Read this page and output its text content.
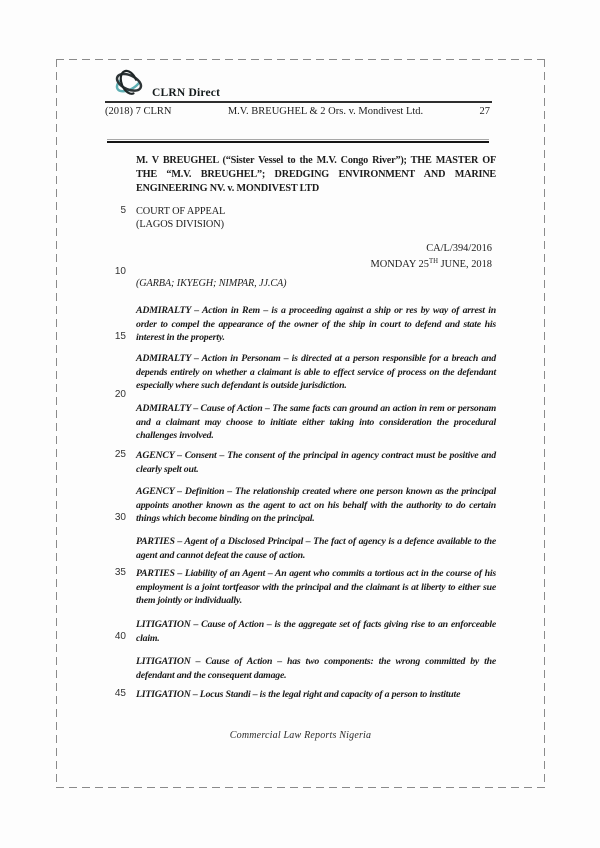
CLRN Direct
(2018) 7 CLRN	M.V. BREUGHEL & 2 Ors. v. Mondivest Ltd.	27
M. V BREUGHEL (“Sister Vessel to the M.V. Congo River”); THE MASTER OF THE “M.V. BREUGHEL”; DREDGING ENVIRONMENT AND MARINE ENGINEERING NV. v. MONDIVEST LTD
COURT OF APPEAL
(LAGOS DIVISION)
CA/L/394/2016
MONDAY 25TH JUNE, 2018
(GARBA; IKYEGH; NIMPAR, JJ.CA)
5
10
15
20
25
30
35
40
45
ADMIRALTY – Action in Rem – is a proceeding against a ship or res by way of arrest in order to compel the appearance of the owner of the ship in court to defend and state his interest in the property.
ADMIRALTY – Action in Personam – is directed at a person responsible for a breach and depends entirely on whether a claimant is able to effect service of process on the defendant especially where such defendant is outside jurisdiction.
ADMIRALTY – Cause of Action – The same facts can ground an action in rem or personam and a claimant may choose to initiate either taking into consideration the procedural challenges involved.
AGENCY – Consent – The consent of the principal in agency contract must be positive and clearly spelt out.
AGENCY – Definition – The relationship created where one person known as the principal appoints another known as the agent to act on his behalf with the authority to do certain things which become binding on the principal.
PARTIES – Agent of a Disclosed Principal – The fact of agency is a defence available to the agent and cannot defeat the cause of action.
PARTIES – Liability of an Agent – An agent who commits a tortious act in the course of his employment is a joint tortfeasor with the principal and the claimant is at liberty to either sue them jointly or individually.
LITIGATION – Cause of Action – is the aggregate set of facts giving rise to an enforceable claim.
LITIGATION – Cause of Action – has two components: the wrong committed by the defendant and the consequent damage.
LITIGATION – Locus Standi – is the legal right and capacity of a person to institute
Commercial Law Reports Nigeria
